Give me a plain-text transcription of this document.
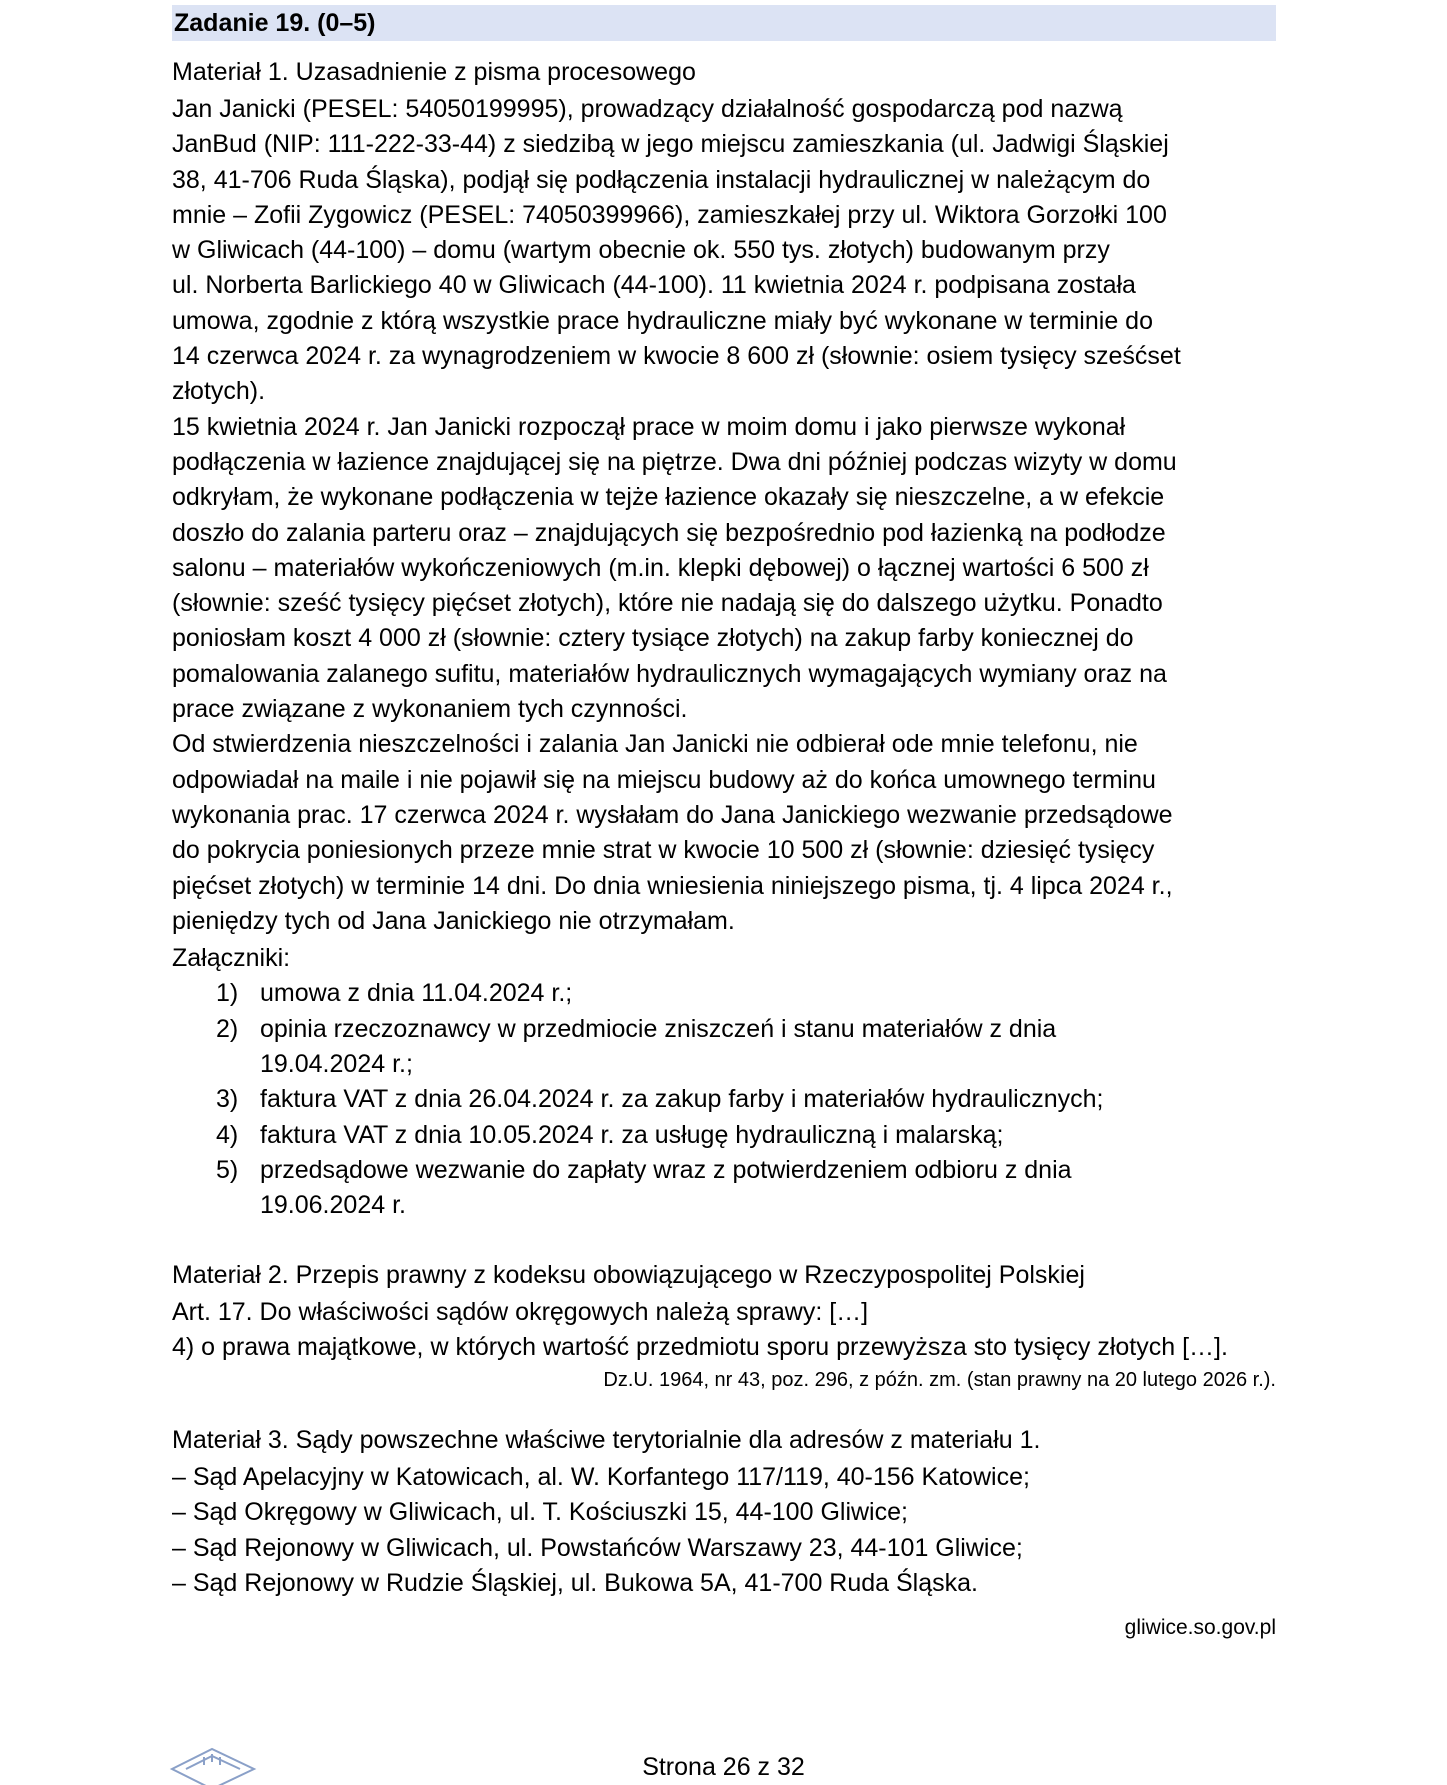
Zadanie 19. (0–5)
Materiał 1. Uzasadnienie z pisma procesowego

Jan Janicki (PESEL: 54050199995), prowadzący działalność gospodarczą pod nazwą
JanBud (NIP: 111-222-33-44) z siedzibą w jego miejscu zamieszkania (ul. Jadwigi Śląskiej
38, 41-706 Ruda Śląska), podjął się podłączenia instalacji hydraulicznej w należącym do
mnie – Zofii Zygowicz (PESEL: 74050399966), zamieszkałej przy ul. Wiktora Gorzołki 100
w Gliwicach (44-100) – domu (wartym obecnie ok. 550 tys. złotych) budowanym przy
ul. Norberta Barlickiego 40 w Gliwicach (44-100). 11 kwietnia 2024 r. podpisana została
umowa, zgodnie z którą wszystkie prace hydrauliczne miały być wykonane w terminie do
14 czerwca 2024 r. za wynagrodzeniem w kwocie 8 600 zł (słownie: osiem tysięcy sześćset
złotych).

15 kwietnia 2024 r. Jan Janicki rozpoczął prace w moim domu i jako pierwsze wykonał
podłączenia w łazience znajdującej się na piętrze. Dwa dni później podczas wizyty w domu
odkryłam, że wykonane podłączenia w tejże łazience okazały się nieszczelne, a w efekcie
doszło do zalania parteru oraz – znajdujących się bezpośrednio pod łazienką na podłodze
salonu – materiałów wykończeniowych (m.in. klepki dębowej) o łącznej wartości 6 500 zł
(słownie: sześć tysięcy pięćset złotych), które nie nadają się do dalszego użytku. Ponadto
poniosłam koszt 4 000 zł (słownie: cztery tysiące złotych) na zakup farby koniecznej do
pomalowania zalanego sufitu, materiałów hydraulicznych wymagających wymiany oraz na
prace związane z wykonaniem tych czynności.

Od stwierdzenia nieszczelności i zalania Jan Janicki nie odbierał ode mnie telefonu, nie
odpowiadał na maile i nie pojawił się na miejscu budowy aż do końca umownego terminu
wykonania prac. 17 czerwca 2024 r. wysłałam do Jana Janickiego wezwanie przedsądowe
do pokrycia poniesionych przeze mnie strat w kwocie 10 500 zł (słownie: dziesięć tysięcy
pięćset złotych) w terminie 14 dni. Do dnia wniesienia niniejszego pisma, tj. 4 lipca 2024 r.,
pieniędzy tych od Jana Janickiego nie otrzymałam.

Załączniki:
1) umowa z dnia 11.04.2024 r.;
2) opinia rzeczoznawcy w przedmiocie zniszczeń i stanu materiałów z dnia
19.04.2024 r.;
3) faktura VAT z dnia 26.04.2024 r. za zakup farby i materiałów hydraulicznych;
4) faktura VAT z dnia 10.05.2024 r. za usługę hydrauliczną i malarską;
5) przedsądowe wezwanie do zapłaty wraz z potwierdzeniem odbioru z dnia
19.06.2024 r.
Materiał 2. Przepis prawny z kodeksu obowiązującego w Rzeczypospolitej Polskiej

Art. 17. Do właściwości sądów okręgowych należą sprawy: […]
4) o prawa majątkowe, w których wartość przedmiotu sporu przewyższa sto tysięcy złotych […].

Dz.U. 1964, nr 43, poz. 296, z późn. zm. (stan prawny na 20 lutego 2026 r.).
Materiał 3. Sądy powszechne właściwe terytorialnie dla adresów z materiału 1.

– Sąd Apelacyjny w Katowicach, al. W. Korfantego 117/119, 40-156 Katowice;
– Sąd Okręgowy w Gliwicach, ul. T. Kościuszki 15, 44-100 Gliwice;
– Sąd Rejonowy w Gliwicach, ul. Powstańców Warszawy 23, 44-101 Gliwice;
– Sąd Rejonowy w Rudzie Śląskiej, ul. Bukowa 5A, 41-700 Ruda Śląska.

gliwice.so.gov.pl
Strona 26 z 32
